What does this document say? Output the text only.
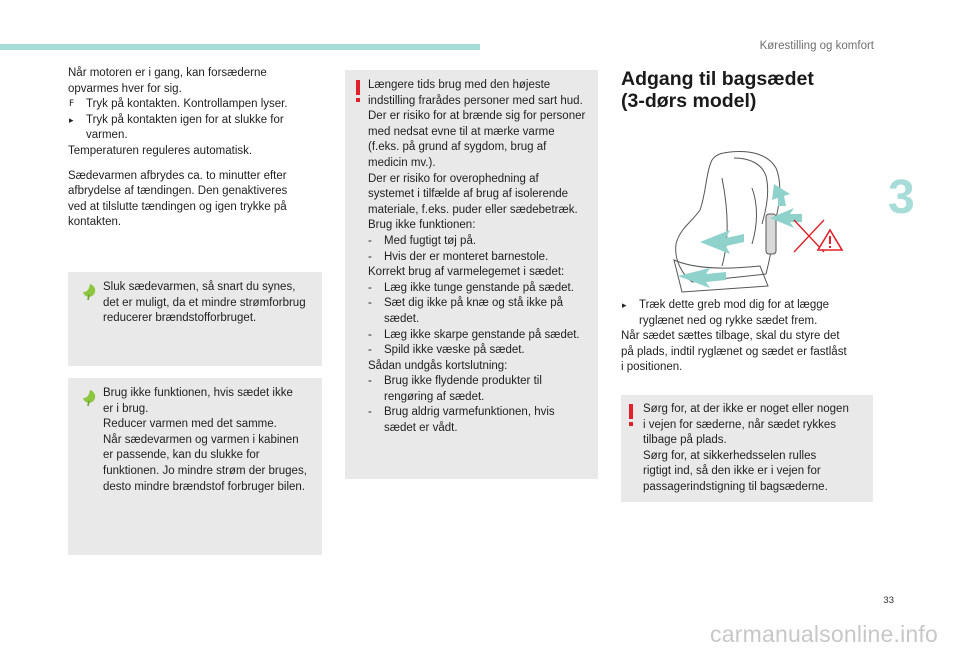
Kørestilling og komfort
3

Når motoren er i gang, kan forsæderne

opvarmes hver for sig.

F Tryk på kontakten. Kontrollampen lyser.
▸ Tryk på kontakten igen for at slukke for
varmen.

Temperaturen reguleres automatisk.

Sædevarmen afbrydes ca. to minutter efter

afbrydelse af tændingen. Den genaktiveres

ved at tilslutte tændingen og igen trykke på

kontakten.

Sluk sædevarmen, så snart du synes,

det er muligt, da et mindre strømforbrug

reducerer brændstofforbruget.

Brug ikke funktionen, hvis sædet ikke

er i brug.

Reducer varmen med det samme.

Når sædevarmen og varmen i kabinen

er passende, kan du slukke for

funktionen. Jo mindre strøm der bruges,

desto mindre brændstof forbruger bilen.

Længere tids brug med den højeste

indstilling frarådes personer med sart hud.

Der er risiko for at brænde sig for personer

med nedsat evne til at mærke varme

(f.eks. på grund af sygdom, brug af

medicin mv.).

Der er risiko for overophedning af

systemet i tilfælde af brug af isolerende

materiale, f.eks. puder eller sædebetræk.

Brug ikke funktionen:

- Med fugtigt tøj på.
- Hvis der er monteret barnestole.

Korrekt brug af varmelegemet i sædet:

- Læg ikke tunge genstande på sædet.
- Sæt dig ikke på knæ og stå ikke på
sædet.
- Læg ikke skarpe genstande på sædet.
- Spild ikke væske på sædet.

Sådan undgås kortslutning:

- Brug ikke flydende produkter til
rengøring af sædet.
- Brug aldrig varmefunktionen, hvis
sædet er vådt.
Adgang til bagsædet
(3-dørs model)
▸ Træk dette greb mod dig for at lægge
ryglænet ned og rykke sædet frem.

Når sædet sættes tilbage, skal du styre det

på plads, indtil ryglænet og sædet er fastlåst

i positionen.

Sørg for, at der ikke er noget eller nogen

i vejen for sæderne, når sædet rykkes

tilbage på plads.

Sørg for, at sikkerhedsselen rulles

rigtigt ind, så den ikke er i vejen for

passagerindstigning til bagsæderne.

33
carmanualsonline.info
